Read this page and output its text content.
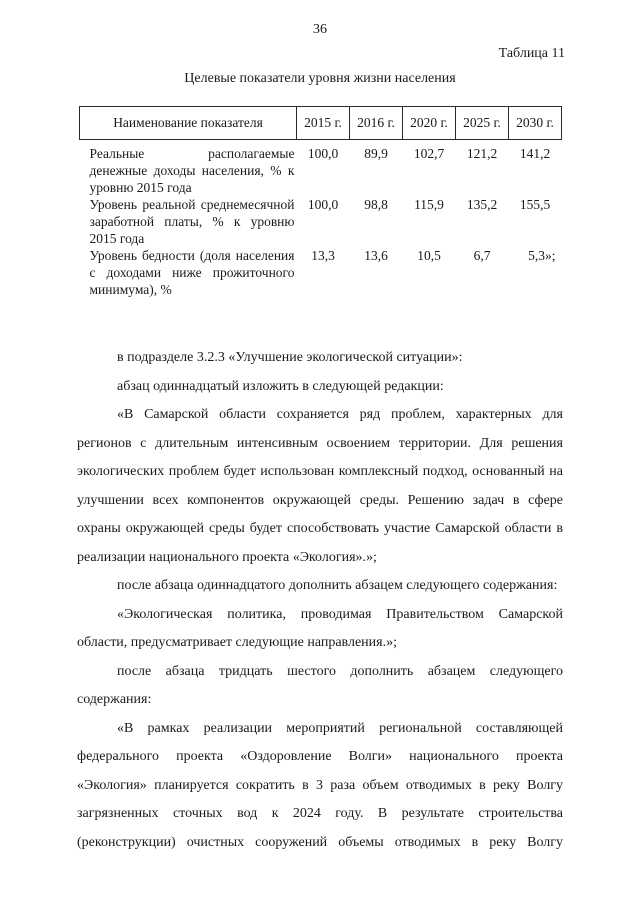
36
Таблица 11
Целевые показатели уровня жизни населения
Наименование показателя	2015 г.	2016 г.	2020 г.	2025 г.	2030 г.
Реальные располагаемые денежные доходы населения, % к уровню 2015 года	100,0	89,9	102,7	121,2	141,2
Уровень реальной среднемесячной заработной платы, % к уровню 2015 года	100,0	98,8	115,9	135,2	155,5
Уровень бедности (доля населения с доходами ниже прожиточного минимума), %	13,3	13,6	10,5	6,7	5,3»;

в подразделе 3.2.3 «Улучшение экологической ситуации»:

абзац одиннадцатый изложить в следующей редакции:

«В Самарской области сохраняется ряд проблем, характерных для регионов с длительным интенсивным освоением территории. Для решения экологических проблем будет использован комплексный подход, основанный на улучшении всех компонентов окружающей среды. Решению задач в сфере охраны окружающей среды будет способствовать участие Самарской области в реализации национального проекта «Экология».»;

после абзаца одиннадцатого дополнить абзацем следующего содержания:

«Экологическая политика, проводимая Правительством Самарской области, предусматривает следующие направления.»;

после абзаца тридцать шестого дополнить абзацем следующего содержания:

«В рамках реализации мероприятий региональной составляющей федерального проекта «Оздоровление Волги» национального проекта «Экология» планируется сократить в 3 раза объем отводимых в реку Волгу загрязненных сточных вод к 2024 году. В результате строительства (реконструкции) очистных сооружений объемы отводимых в реку Волгу
